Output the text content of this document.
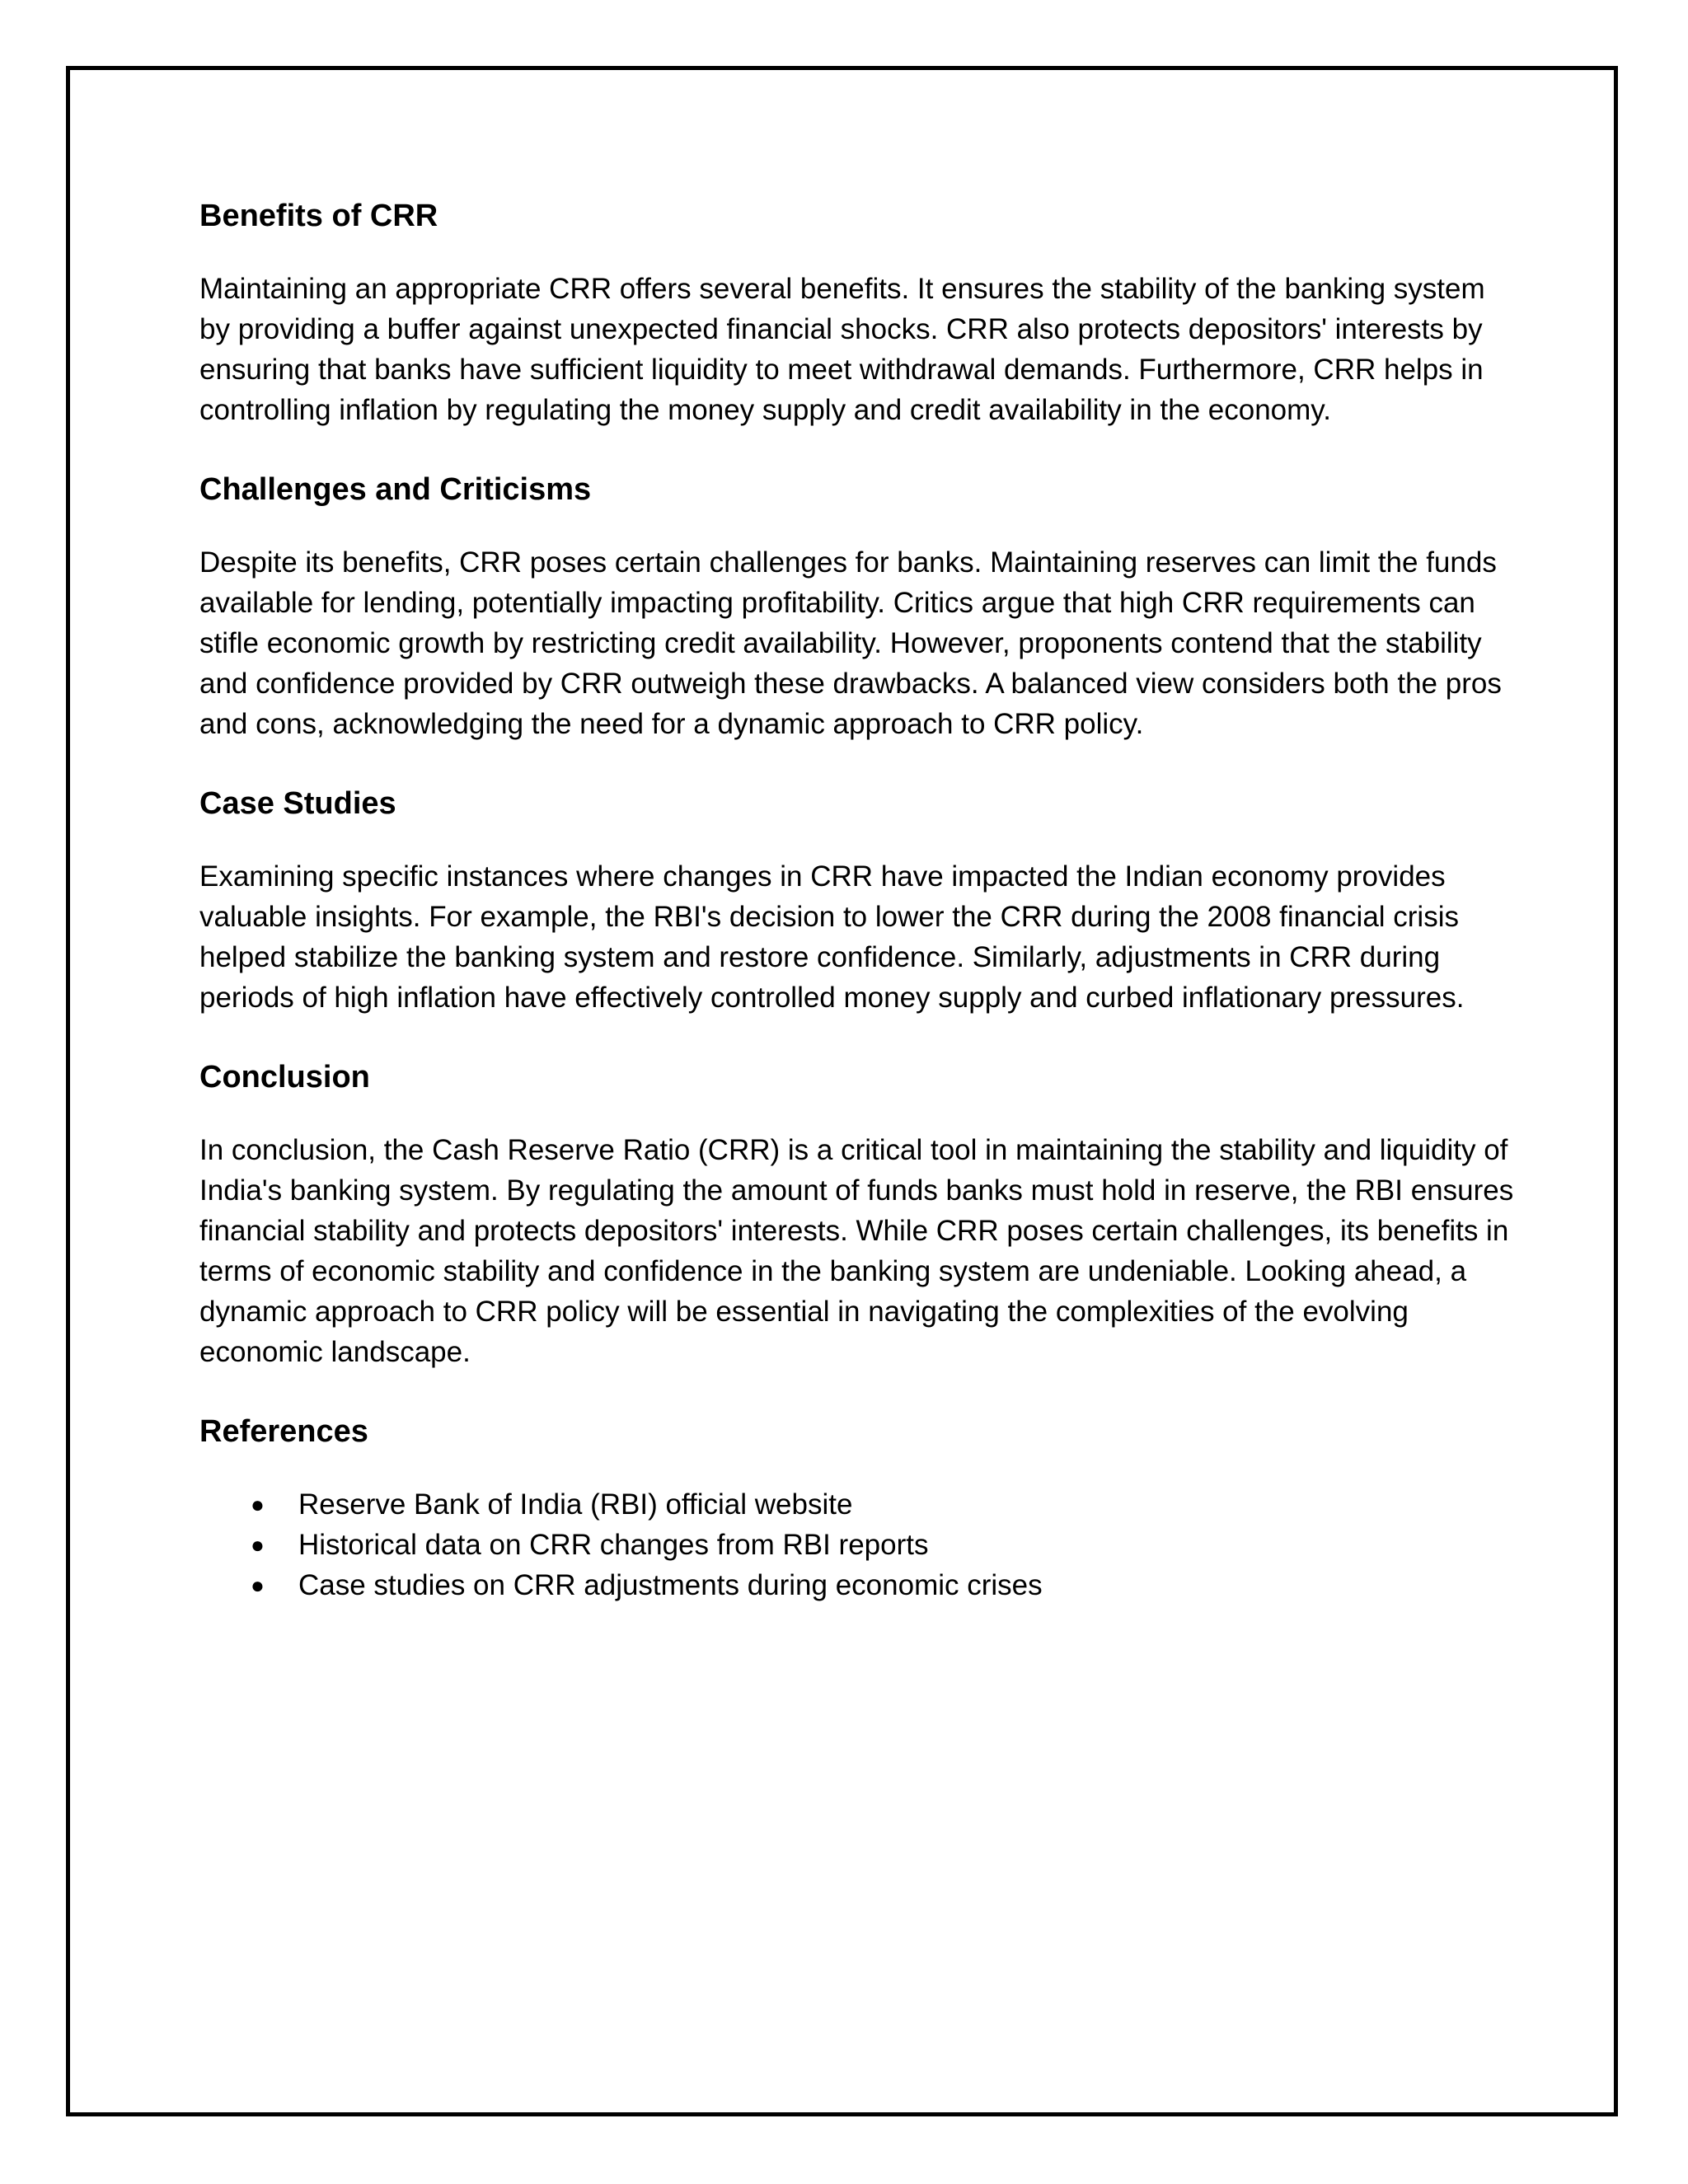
Benefits of CRR

Maintaining an appropriate CRR offers several benefits. It ensures the stability of the banking system by providing a buffer against unexpected financial shocks. CRR also protects depositors' interests by ensuring that banks have sufficient liquidity to meet withdrawal demands. Furthermore, CRR helps in controlling inflation by regulating the money supply and credit availability in the economy.

Challenges and Criticisms

Despite its benefits, CRR poses certain challenges for banks. Maintaining reserves can limit the funds available for lending, potentially impacting profitability. Critics argue that high CRR requirements can stifle economic growth by restricting credit availability. However, proponents contend that the stability and confidence provided by CRR outweigh these drawbacks. A balanced view considers both the pros and cons, acknowledging the need for a dynamic approach to CRR policy.

Case Studies

Examining specific instances where changes in CRR have impacted the Indian economy provides valuable insights. For example, the RBI's decision to lower the CRR during the 2008 financial crisis helped stabilize the banking system and restore confidence. Similarly, adjustments in CRR during periods of high inflation have effectively controlled money supply and curbed inflationary pressures.

Conclusion

In conclusion, the Cash Reserve Ratio (CRR) is a critical tool in maintaining the stability and liquidity of India's banking system. By regulating the amount of funds banks must hold in reserve, the RBI ensures financial stability and protects depositors' interests. While CRR poses certain challenges, its benefits in terms of economic stability and confidence in the banking system are undeniable. Looking ahead, a dynamic approach to CRR policy will be essential in navigating the complexities of the evolving economic landscape.

References
● Reserve Bank of India (RBI) official website
● Historical data on CRR changes from RBI reports
● Case studies on CRR adjustments during economic crises
